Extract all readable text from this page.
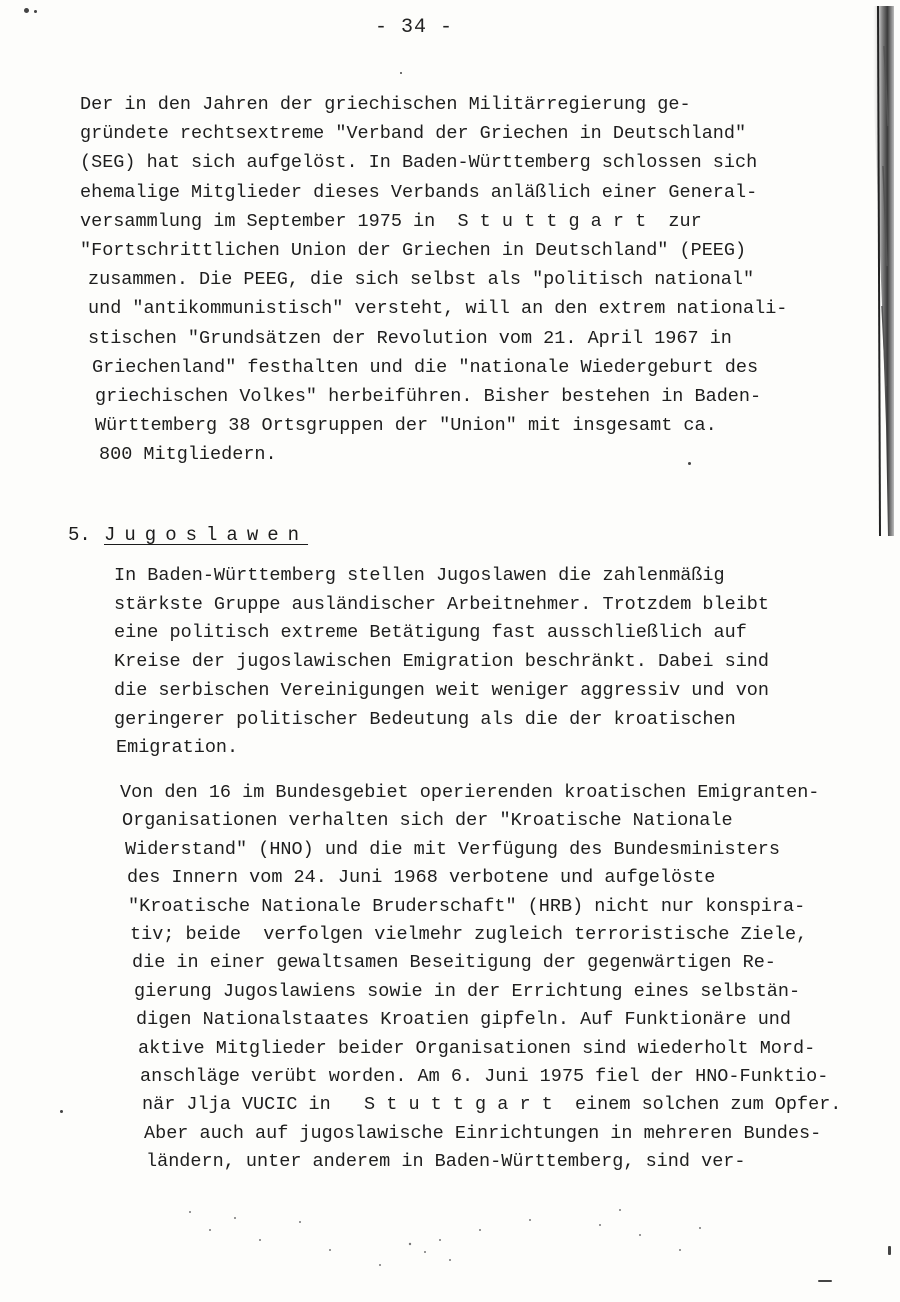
- 34 -
Der in den Jahren der griechischen Militärregierung ge-
gründete rechtsextreme "Verband der Griechen in Deutschland"
(SEG) hat sich aufgelöst. In Baden-Württemberg schlossen sich
ehemalige Mitglieder dieses Verbands anläßlich einer General-
versammlung im September 1975 in  S t u t t g a r t  zur
"Fortschrittlichen Union der Griechen in Deutschland" (PEEG)
zusammen. Die PEEG, die sich selbst als "politisch national"
und "antikommunistisch" versteht, will an den extrem nationali-
stischen "Grundsätzen der Revolution vom 21. April 1967 in
Griechenland" festhalten und die "nationale Wiedergeburt des
griechischen Volkes" herbeiführen. Bisher bestehen in Baden-
Württemberg 38 Ortsgruppen der "Union" mit insgesamt ca.
800 Mitgliedern.
5. Jugoslawen
In Baden-Württemberg stellen Jugoslawen die zahlenmäßig
stärkste Gruppe ausländischer Arbeitnehmer. Trotzdem bleibt
eine politisch extreme Betätigung fast ausschließlich auf
Kreise der jugoslawischen Emigration beschränkt. Dabei sind
die serbischen Vereinigungen weit weniger aggressiv und von
geringerer politischer Bedeutung als die der kroatischen
Emigration.
Von den 16 im Bundesgebiet operierenden kroatischen Emigranten-
Organisationen verhalten sich der "Kroatische Nationale
Widerstand" (HNO) und die mit Verfügung des Bundesministers
des Innern vom 24. Juni 1968 verbotene und aufgelöste
"Kroatische Nationale Bruderschaft" (HRB) nicht nur konspira-
tiv; beide  verfolgen vielmehr zugleich terroristische Ziele,
die in einer gewaltsamen Beseitigung der gegenwärtigen Re-
gierung Jugoslawiens sowie in der Errichtung eines selbstän-
digen Nationalstaates Kroatien gipfeln. Auf Funktionäre und
aktive Mitglieder beider Organisationen sind wiederholt Mord-
anschläge verübt worden. Am 6. Juni 1975 fiel der HNO-Funktio-
när Jlja VUCIC in   S t u t t g a r t  einem solchen zum Opfer.
Aber auch auf jugoslawische Einrichtungen in mehreren Bundes-
ländern, unter anderem in Baden-Württemberg, sind ver-
